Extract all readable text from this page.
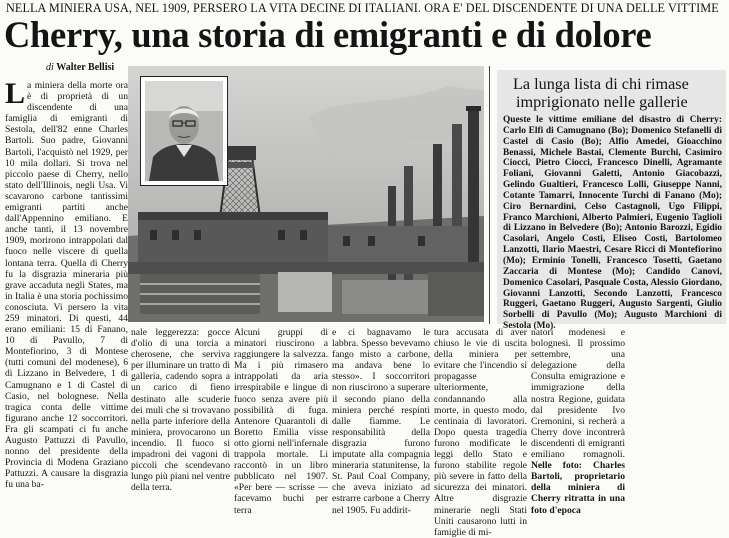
NELLA MINIERA USA, NEL 1909, PERSERO LA VITA DECINE DI ITALIANI. ORA E' DEL DISCENDENTE DI UNA DELLE VITTIME
Cherry, una storia di emigranti e di dolore
di Walter Bellisi
La miniera della morte ora è di proprietà di un discendente di una famiglia di emigranti di Sestola, dell'82 enne Charles Bartoli. Suo padre, Giovanni Bartoli, l'acquistò nel 1929, per 10 mila dollari. Si trova nel piccolo paese di Cherry, nello stato dell'Illinois, negli Usa. Vi scavarono carbone tantissimi emigranti partiti anche dall'Appennino emiliano. E anche tanti, il 13 novembre 1909, morirono intrappolati dal fuoco nelle viscere di quella lontana terra. Quella di Cherry fu la disgrazia mineraria più grave accaduta negli States, ma in Italia è una storia pochissimo conosciuta. Vi persero la vita 259 minatori. Di questi, 44 erano emiliani: 15 di Fanano, 10 di Pavullo, 7 di Montefiorino, 3 di Montese (tutti comuni del modenese), 6 di Lizzano in Belvedere, 1 di Camugnano e 1 di Castel di Casio, nel bolognese. Nella tragica conta delle vittime figurano anche 12 soccorritori. Fra gli scampati ci fu anche Augusto Pattuzzi di Pavullo, nonno del presidente della Provincia di Modena Graziano Pattuzzi. A causare la disgrazia fu una ba-
La lunga lista di chi rimase
imprigionato nelle gallerie
Queste le vittime emiliane del disastro di Cherry: Carlo Elfi di Camugnano (Bo); Domenico Stefanelli di Castel di Casio (Bo); Alfio Amedei, Gioacchino Benassi, Michele Bastai, Clemente Burchi, Casimiro Ciocci, Pietro Ciocci, Francesco Dinelli, Agramante Foliani, Giovanni Galetti, Antonio Giacobazzi, Gelindo Gualtieri, Francesco Lolli, Giuseppe Nanni, Cotante Tamarri, Innocente Turchi di Fanano (Mo); Ciro Bernardini, Celso Castagnoli, Ugo Filippi, Franco Marchioni, Alberto Palmieri, Eugenio Taglioli di Lizzano in Belvedere (Bo); Antonio Barozzi, Egidio Casolari, Angelo Costi, Eliseo Costi, Bartolomeo Lanzotti, Ilario Maestri, Cesare Ricci di Montefiorino (Mo); Erminio Tonelli, Francesco Tosetti, Gaetano Zaccaria di Montese (Mo); Candido Canovi, Domenico Casolari, Pasquale Costa, Alessio Giordano, Giovanni Lanzotti, Secondo Lanzotti, Francesco Ruggeri, Gaetano Ruggeri, Augusto Sargenti, Giulio Sorbelli di Pavullo (Mo); Augusto Marchioni di Sestola (Mo).
nale leggerezza: gocce d'olio di una torcia a cherosene, che serviva per illuminare un tratto di galleria, cadendo sopra a un carico di fieno destinato alle scuderie dei muli che si trovavano nella parte inferiore della miniera, provocarono un incendio. Il fuoco si impadronì dei vagoni di piccoli che scendevano lungo più piani nel ventre della terra.
Alcuni gruppi di minatori riuscirono a raggiungere la salvezza. Ma i più rimasero intrappolati da aria irrespirabile e lingue di fuoco senza avere più possibilità di fuga. Antenore Quarantoli di Boretto Emilia visse otto giorni nell'infernale trappola mortale. Li raccontò in un libro pubblicato nel 1907. «Per bere — scrisse — facevamo buchi per terra
e ci bagnavamo le labbra. Spesso bevevamo fango misto a carbone, ma andava bene lo stesso». I soccorritori non riuscirono a superare il secondo piano della miniera perché respinti dalle fiamme. Le responsabilità della disgrazia furono imputate alla compagnia mineraria statunitense, la St. Paul Coal Company, che aveva iniziato ad estrarre carbone a Cherry nel 1905. Fu addirit-
tura accusata di aver chiuso le vie di uscita della miniera per evitare che l'incendio si propagasse ulteriormente, condannando alla morte, in questo modo, centinaia di lavoratori. Dopo questa tragedia furono modificate le leggi dello Stato e furono stabilite regole più severe in fatto della sicurezza dei minatori. Altre disgrazie minerarie negli Stati Uniti causarono lutti in famiglie di mi-
natori modenesi e bolognesi. Il prossimo settembre, una delegazione della Consulta emigrazione e immigrazione della nostra Regione, guidata dal presidente Ivo Cremonini, si recherà a Cherry dove incontrerà discendenti di emigranti emiliano romagnoli. Nelle foto: Charles Bartoli, proprietario della miniera di Cherry ritratta in una foto d'epoca
